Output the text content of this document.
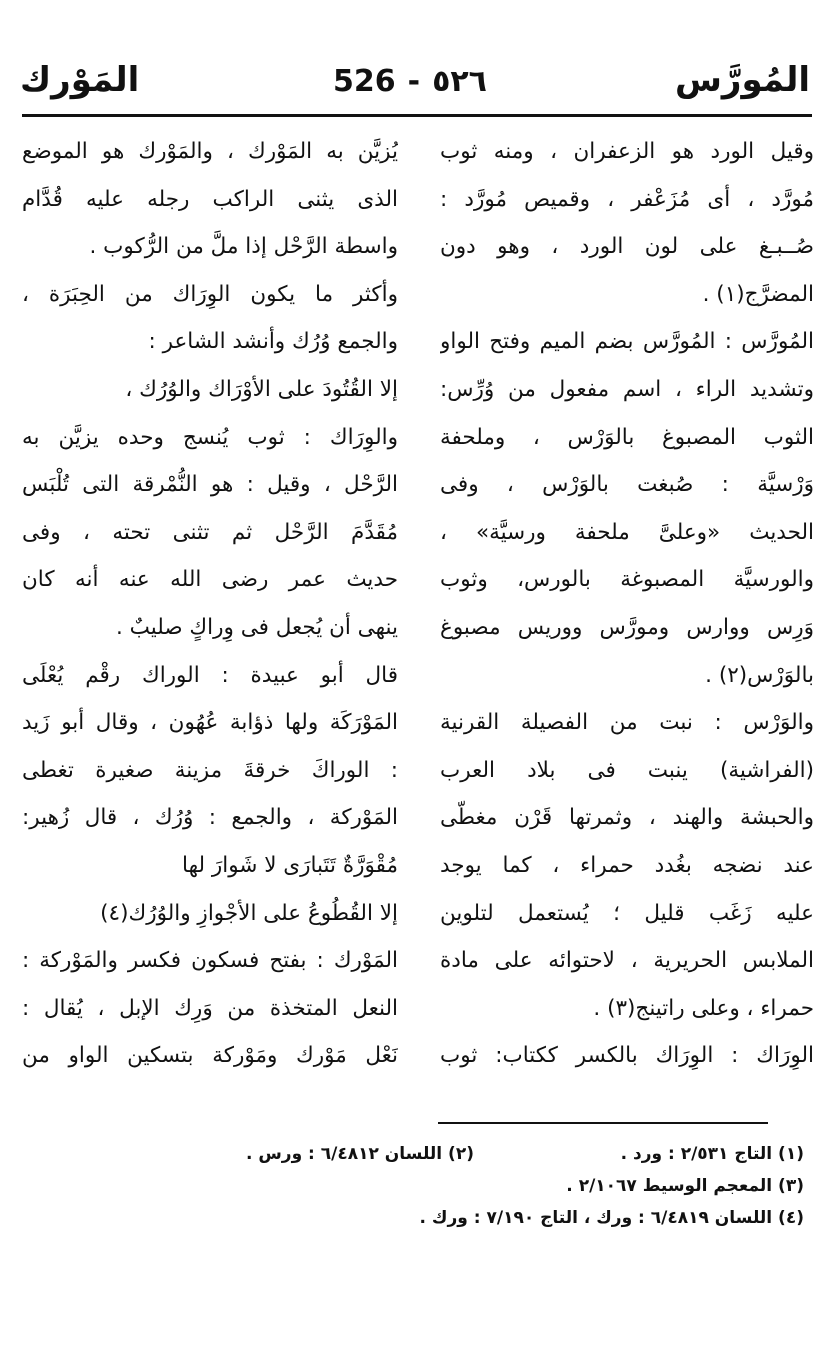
المُورَّس
526 - ٥٢٦
المَوْرك
وقيل الورد هو الزعفران ، ومنه ثوب
مُورَّد ، أى مُزَعْفر ، وقميص مُورَّد :
صُــبـغ على لون الورد ، وهو دون
المضرَّج(١) .
المُورَّس : المُورَّس بضم الميم وفتح الواو
وتشديد الراء ، اسم مفعول من وُرِّس:
الثوب المصبوغ بالوَرْس ، وملحفة
وَرْسيَّة : صُبغت بالوَرْس ، وفى
الحديث «وعلىَّ ملحفة ورسيَّة» ،
والورسيَّة المصبوغة بالورس، وثوب
وَرِس ووارس ومورَّس ووريس مصبوغ
بالوَرْس(٢) .
والوَرْس : نبت من الفصيلة القرنية
(الفراشية) ينبت فى بلاد العرب
والحبشة والهند ، وثمرتها قَرْن مغطّى
عند نضجه بغُدد حمراء ، كما يوجد
عليه زَغَب قليل ؛ يُستعمل لتلوين
الملابس الحريرية ، لاحتوائه على مادة
حمراء ، وعلى راتينج(٣) .
الوِرَاك : الوِرَاك بالكسر ككتاب: ثوب
يُزيَّن به المَوْرك ، والمَوْرك هو الموضع
الذى يثنى الراكب رجله عليه قُدَّام
واسطة الرَّحْل إذا ملَّ من الرُّكوب .
وأكثر ما يكون الوِرَاك من الحِبَرَة ،
والجمع وُرُك وأنشد الشاعر :
إلا القُتُودَ على الأوْرَاك والوُرُك ،
والوِرَاك : ثوب يُنسج وحده يزيَّن به
الرَّحْل ، وقيل : هو النُّمْرقة التى تُلْبَس
مُقَدَّمَ الرَّحْل ثم تثنى تحته ، وفى
حديث عمر رضى الله عنه أنه كان
ينهى أن يُجعل فى وِراكٍ صليبٌ .
قال أبو عبيدة : الوراك رقْم يُعْلَى
المَوْرَكَة ولها ذؤابة عُهُون ، وقال أبو زَيد
: الوراكَ خرقةَ مزينة صغيرة تغطى
المَوْركة ، والجمع : وُرُك ، قال زُهير:
مُقْوَرَّةٌ تَتَبارَى لا شَوارَ لها
إلا القُطُوعُ على الأجْوازِ والوُرُك(٤)
المَوْرك : بفتح فسكون فكسر والمَوْركة :
النعل المتخذة من وَرِك الإبل ، يُقال :
نَعْل مَوْرك ومَوْركة بتسكين الواو من
(١) التاج ٢/٥٣١ : ورد .
(٢) اللسان ٦/٤٨١٢ : ورس .
(٣) المعجم الوسيط ٢/١٠٦٧ .
(٤) اللسان ٦/٤٨١٩ : ورك ، التاج ٧/١٩٠ : ورك .
